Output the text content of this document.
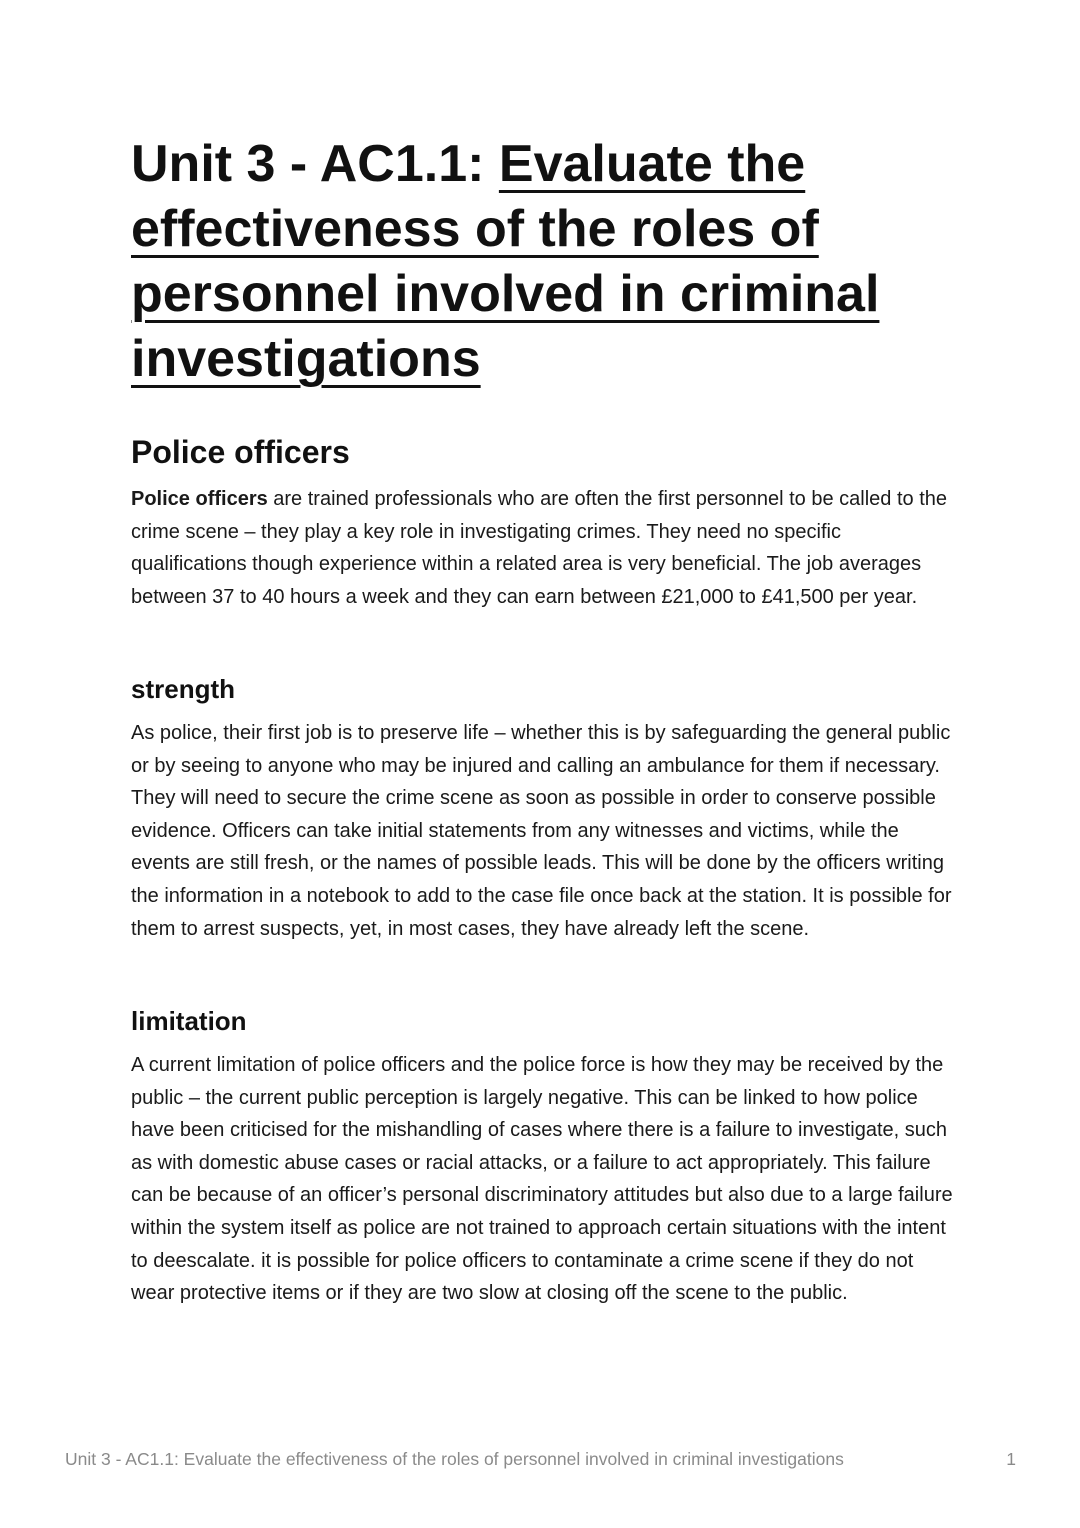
Unit 3 - AC1.1: Evaluate the effectiveness of the roles of personnel involved in criminal investigations
Police officers

Police officers are trained professionals who are often the first personnel to be called to the crime scene – they play a key role in investigating crimes. They need no specific qualifications though experience within a related area is very beneficial. The job averages between 37 to 40 hours a week and they can earn between £21,000 to £41,500 per year.

strength

As police, their first job is to preserve life – whether this is by safeguarding the general public or by seeing to anyone who may be injured and calling an ambulance for them if necessary. They will need to secure the crime scene as soon as possible in order to conserve possible evidence. Officers can take initial statements from any witnesses and victims, while the events are still fresh, or the names of possible leads. This will be done by the officers writing the information in a notebook to add to the case file once back at the station. It is possible for them to arrest suspects, yet, in most cases, they have already left the scene.

limitation

A current limitation of police officers and the police force is how they may be received by the public – the current public perception is largely negative. This can be linked to how police have been criticised for the mishandling of cases where there is a failure to investigate, such as with domestic abuse cases or racial attacks, or a failure to act appropriately. This failure can be because of an officer’s personal discriminatory attitudes but also due to a large failure within the system itself as police are not trained to approach certain situations with the intent to deescalate. it is possible for police officers to contaminate a crime scene if they do not wear protective items or if they are two slow at closing off the scene to the public.

Unit 3 - AC1.1: Evaluate the effectiveness of the roles of personnel involved in criminal investigations	1
